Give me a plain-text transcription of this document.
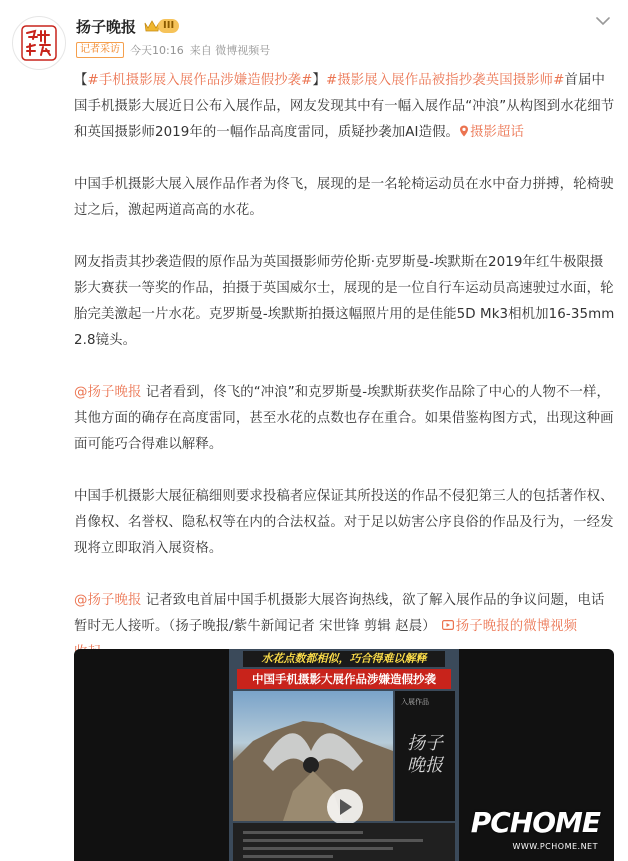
扬子晚报	III
记者采访 今天10:16 来自 微博视频号

【#手机摄影展入展作品涉嫌造假抄袭#】#摄影展入展作品被指抄袭英国摄影师#首届中国手机摄影大展近日公布入展作品，网友发现其中有一幅入展作品“冲浪”从构图到水花细节和英国摄影师2019年的一幅作品高度雷同，质疑抄袭加AI造假。 摄影超话

中国手机摄影大展入展作品作者为佟飞，展现的是一名轮椅运动员在水中奋力拼搏，轮椅驶过之后，激起两道高高的水花。

网友指责其抄袭造假的原作品为英国摄影师劳伦斯·克罗斯曼-埃默斯在2019年红牛极限摄影大赛获一等奖的作品，拍摄于英国威尔士，展现的是一位自行车运动员高速驶过水面，轮胎完美激起一片水花。克罗斯曼-埃默斯拍摄这幅照片用的是佳能5D Mk3相机加16-35mm 2.8镜头。

@扬子晚报 记者看到，佟飞的“冲浪”和克罗斯曼-埃默斯获奖作品除了中心的人物不一样，其他方面的确存在高度雷同，甚至水花的点数也存在重合。如果借鉴构图方式，出现这种画面可能巧合得难以解释。

中国手机摄影大展征稿细则要求投稿者应保证其所投送的作品不侵犯第三人的包括著作权、肖像权、名誉权、隐私权等在内的合法权益。对于足以妨害公序良俗的作品及行为，一经发现将立即取消入展资格。

@扬子晚报 记者致电首届中国手机摄影大展咨询热线，欲了解入展作品的争议问题，电话暂时无人接听。（扬子晚报/紫牛新闻记者 宋世锋 剪辑 赵晨） 扬子晚报的微博视频

水花点数都相似，巧合得难以解释
中国手机摄影大展作品涉嫌造假抄袭
入展作品
扬子晚报
PCHOME
WWW.PCHOME.NET
